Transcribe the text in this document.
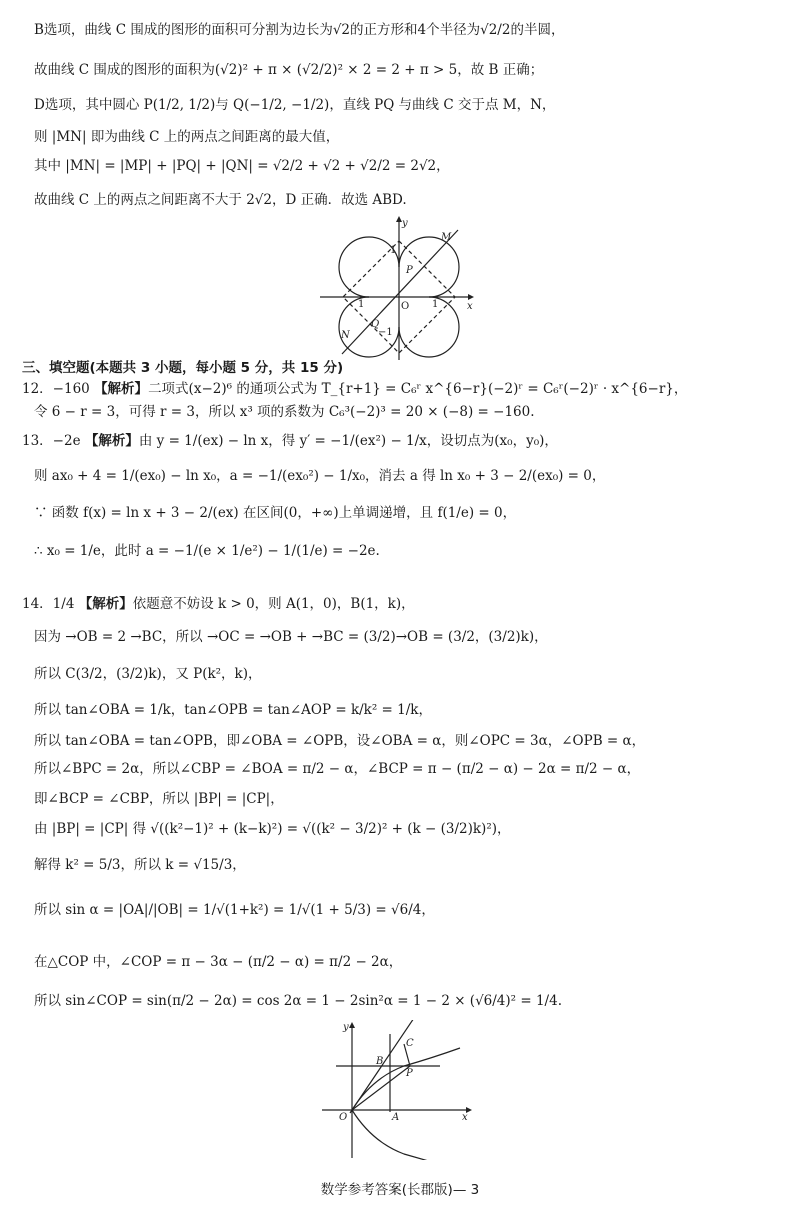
B选项，曲线 C 围成的图形的面积可分割为边长为√2的正方形和4个半径为√2/2的半圆，
故曲线 C 围成的图形的面积为(√2)² + π × (√2/2)² × 2 = 2 + π > 5，故 B 正确；
D选项，其中圆心 P(1/2, 1/2)与 Q(−1/2, −1/2)，直线 PQ 与曲线 C 交于点 M，N，
则 |MN| 即为曲线 C 上的两点之间距离的最大值，
其中 |MN| = |MP| + |PQ| + |QN| = √2/2 + √2 + √2/2 = 2√2，
故曲线 C 上的两点之间距离不大于 2√2，D 正确．故选 ABD.
y
x
O
M
P
N
Q
1
1	1
−1
三、填空题(本题共 3 小题，每小题 5 分，共 15 分)
12．−160 【解析】二项式(x−2)⁶ 的通项公式为 T_{r+1} = C₆ʳ x^{6−r}(−2)ʳ = C₆ʳ(−2)ʳ · x^{6−r}，
令 6 − r = 3，可得 r = 3，所以 x³ 项的系数为 C₆³(−2)³ = 20 × (−8) = −160.
13．−2e 【解析】由 y = 1/(ex) − ln x，得 y′ = −1/(ex²) − 1/x，设切点为(x₀，y₀)，
则 ax₀ + 4 = 1/(ex₀) − ln x₀，a = −1/(ex₀²) − 1/x₀，消去 a 得 ln x₀ + 3 − 2/(ex₀) = 0，
∵ 函数 f(x) = ln x + 3 − 2/(ex) 在区间(0，+∞)上单调递增，且 f(1/e) = 0，
∴ x₀ = 1/e，此时 a = −1/(e × 1/e²) − 1/(1/e) = −2e.
14．1/4 【解析】依题意不妨设 k > 0，则 A(1，0)，B(1，k)，
因为 →OB = 2 →BC，所以 →OC = →OB + →BC = (3/2)→OB = (3/2，(3/2)k)，
所以 C(3/2，(3/2)k)，又 P(k²，k)，
所以 tan∠OBA = 1/k，tan∠OPB = tan∠AOP = k/k² = 1/k，
所以 tan∠OBA = tan∠OPB，即∠OBA = ∠OPB，设∠OBA = α，则∠OPC = 3α，∠OPB = α，
所以∠BPC = 2α，所以∠CBP = ∠BOA = π/2 − α，∠BCP = π − (π/2 − α) − 2α = π/2 − α，
即∠BCP = ∠CBP，所以 |BP| = |CP|，
由 |BP| = |CP| 得 √((k²−1)² + (k−k)²) = √((k² − 3/2)² + (k − (3/2)k)²)，
解得 k² = 5/3，所以 k = √15/3，
所以 sin α = |OA|/|OB| = 1/√(1+k²) = 1/√(1 + 5/3) = √6/4，
在△COP 中，∠COP = π − 3α − (π/2 − α) = π/2 − 2α，
所以 sin∠COP = sin(π/2 − 2α) = cos 2α = 1 − 2sin²α = 1 − 2 × (√6/4)² = 1/4.
y
x
O	A
B
C
P
数学参考答案(长郡版)— 3
